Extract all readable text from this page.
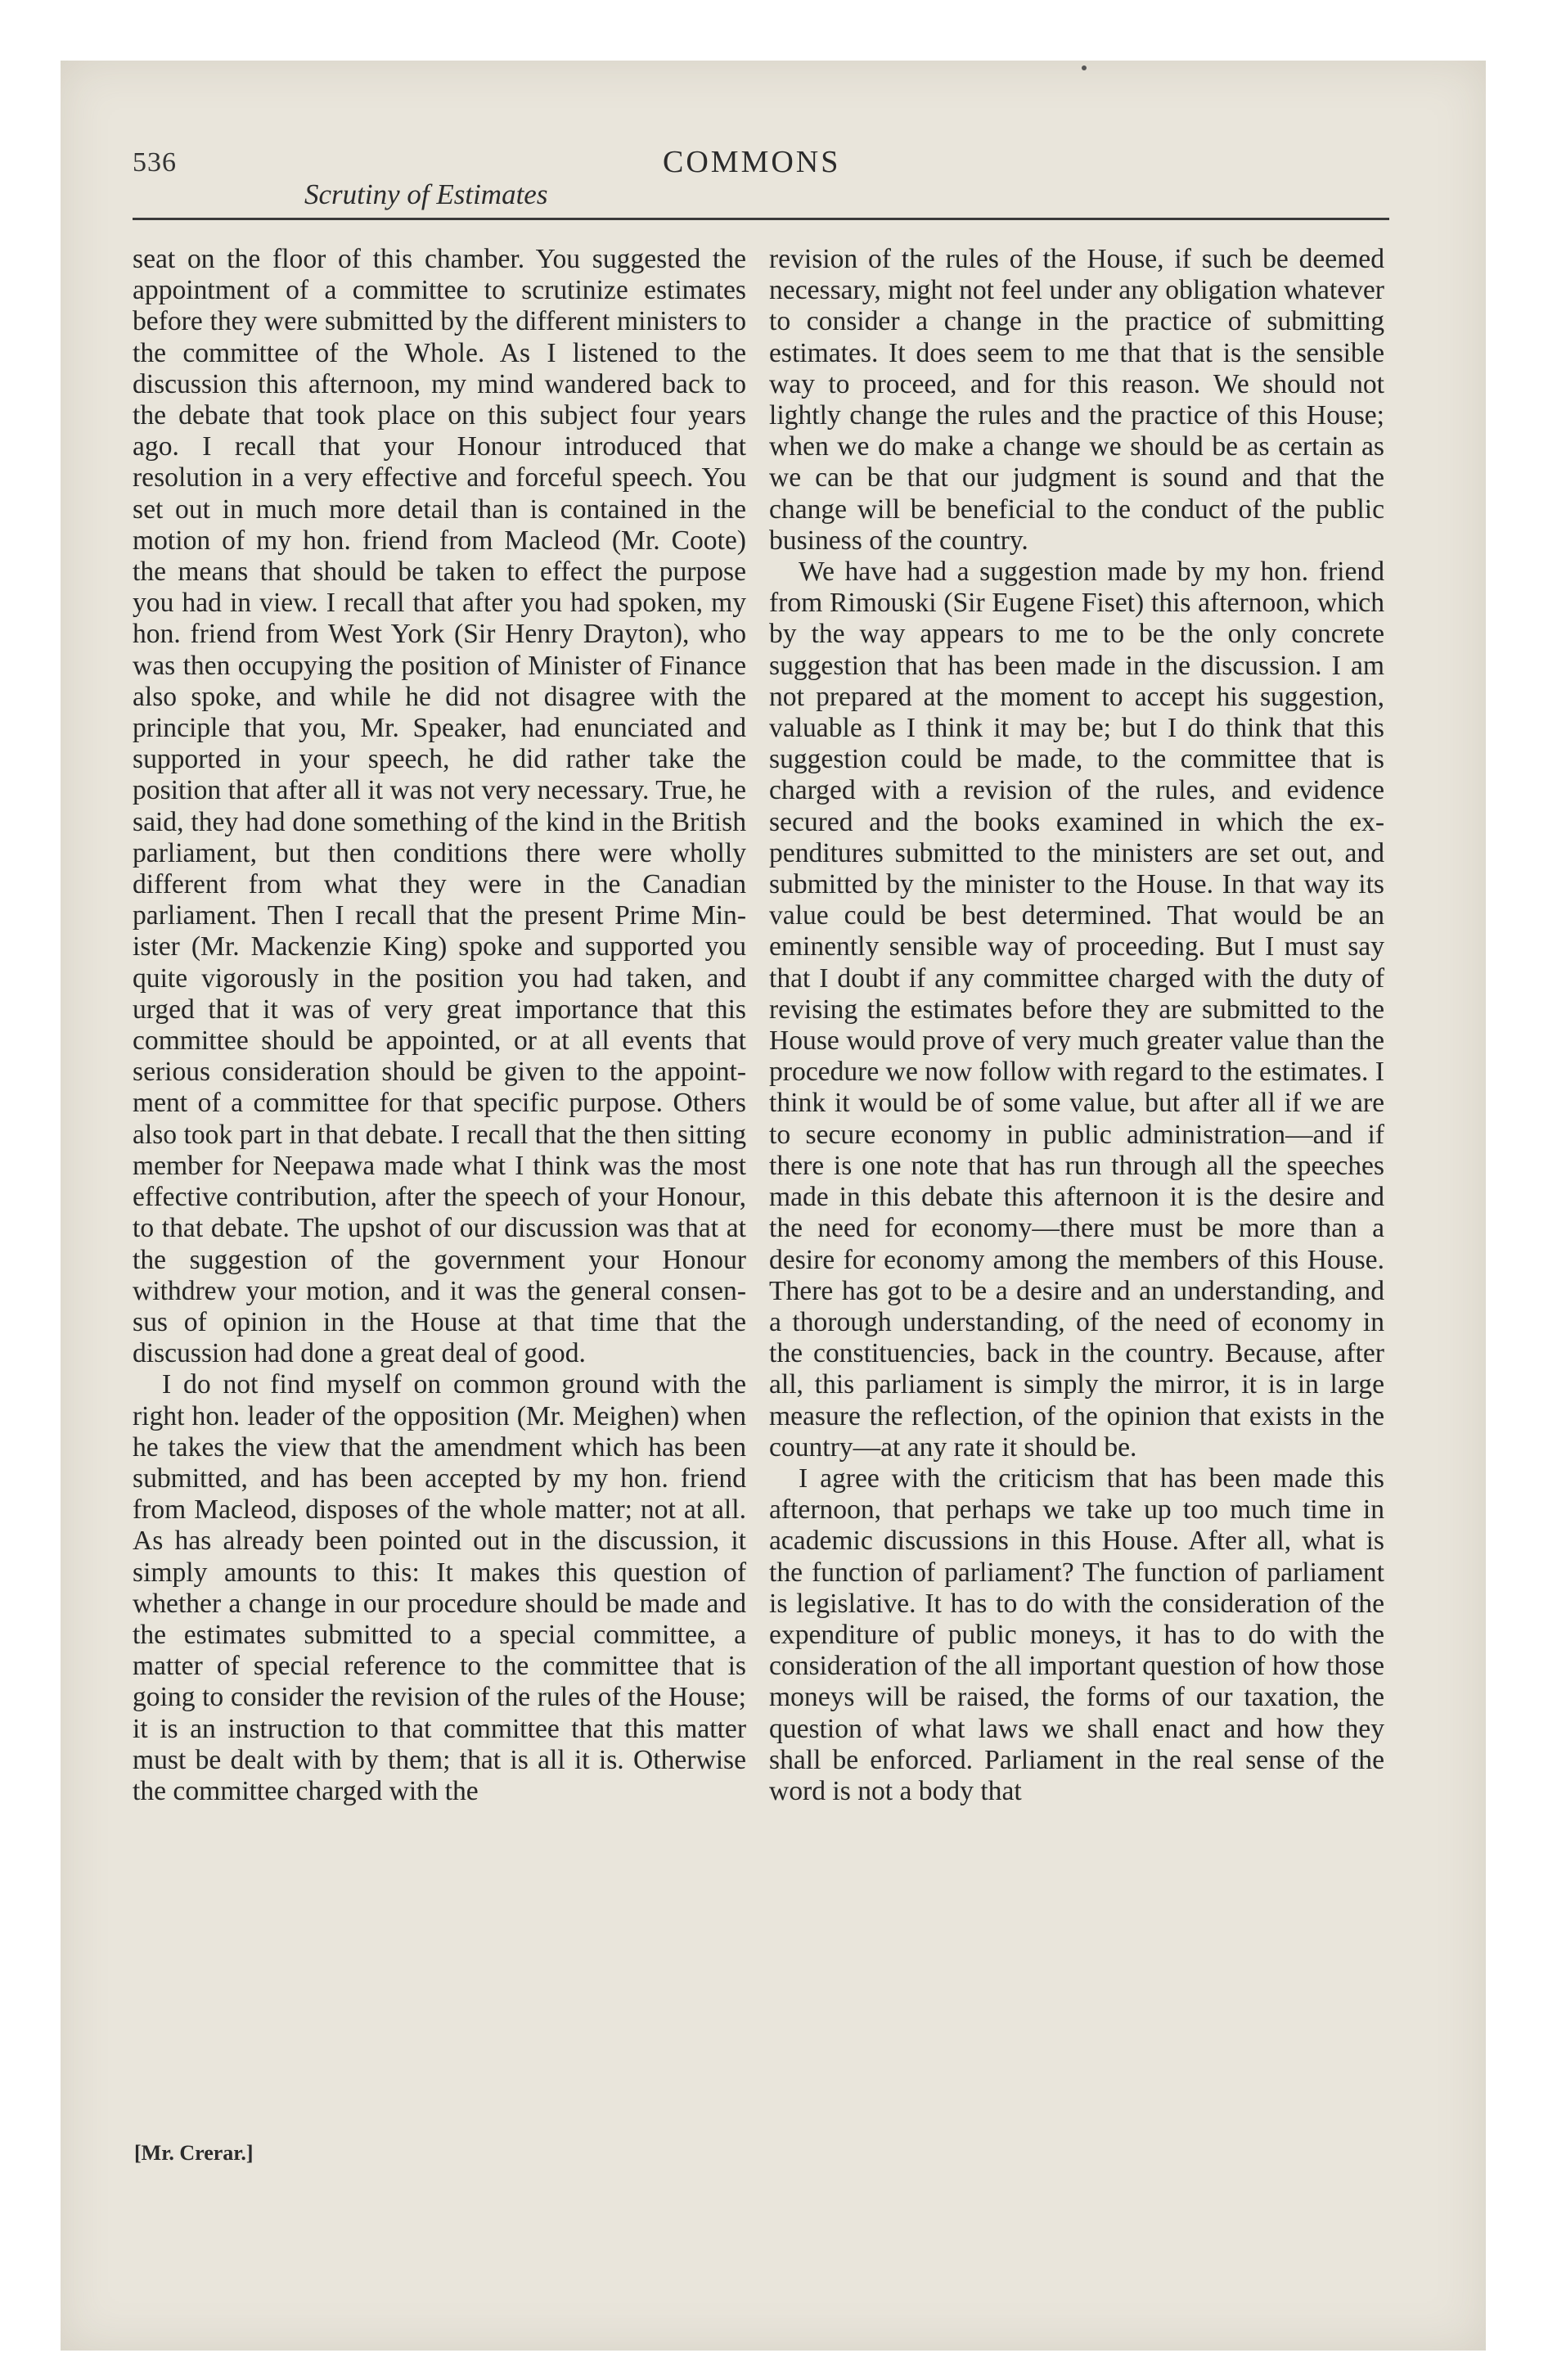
536	COMMONS
Scrutiny of Estimates

seat on the floor of this chamber. You suggested the appointment of a committee to scrutinize estimates before they were submitted by the different ministers to the committee of the Whole. As I listened to the discussion this afternoon, my mind wandered back to the debate that took place on this subject four years ago. I recall that your Honour introduced that resolution in a very effective and forceful speech. You set out in much more detail than is contained in the motion of my hon. friend from Macleod (Mr. Coote) the means that should be taken to effect the purpose you had in view. I recall that after you had spoken, my hon. friend from West York (Sir Henry Drayton), who was then occupying the position of Minister of Finance also spoke, and while he did not disagree with the principle that you, Mr. Speaker, had enunciated and supported in your speech, he did rather take the position that after all it was not very necessary. True, he said, they had done something of the kind in the British parliament, but then conditions there were wholly different from what they were in the Canadian parliament. Then I recall that the present Prime Minister (Mr. Mackenzie King) spoke and supported you quite vigorously in the position you had taken, and urged that it was of very great importance that this committee should be appointed, or at all events that serious consideration should be given to the appointment of a committee for that specific purpose. Others also took part in that debate. I recall that the then sitting member for Neepawa made what I think was the most effective contribution, after the speech of your Honour, to that debate. The upshot of our discussion was that at the suggestion of the government your Honour withdrew your motion, and it was the general consensus of opinion in the House at that time that the discussion had done a great deal of good.

I do not find myself on common ground with the right hon. leader of the opposition (Mr. Meighen) when he takes the view that the amendment which has been submitted, and has been accepted by my hon. friend from Macleod, disposes of the whole matter; not at all. As has already been pointed out in the discussion, it simply amounts to this: It makes this question of whether a change in our procedure should be made and the estimates submitted to a special committee, a matter of special reference to the committee that is going to consider the revision of the rules of the House; it is an instruction to that committee that this matter must be dealt with by them; that is all it is. Otherwise the committee charged with the

[Mr. Crerar.]

revision of the rules of the House, if such be deemed necessary, might not feel under any obligation whatever to consider a change in the practice of submitting estimates. It does seem to me that that is the sensible way to proceed, and for this reason. We should not lightly change the rules and the practice of this House; when we do make a change we should be as certain as we can be that our judgment is sound and that the change will be beneficial to the conduct of the public business of the country.

We have had a suggestion made by my hon. friend from Rimouski (Sir Eugene Fiset) this afternoon, which by the way appears to me to be the only concrete suggestion that has been made in the discussion. I am not prepared at the moment to accept his suggestion, valuable as I think it may be; but I do think that this suggestion could be made, to the committee that is charged with a revision of the rules, and evidence secured and the books examined in which the expenditures submitted to the ministers are set out, and submitted by the minister to the House. In that way its value could be best determined. That would be an eminently sensible way of proceeding. But I must say that I doubt if any committee charged with the duty of revising the estimates before they are submitted to the House would prove of very much greater value than the procedure we now follow with regard to the estimates. I think it would be of some value, but after all if we are to secure economy in public administration—and if there is one note that has run through all the speeches made in this debate this afternoon it is the desire and the need for economy—there must be more than a desire for economy among the members of this House. There has got to be a desire and an understanding, and a thorough understanding, of the need of economy in the constituencies, back in the country. Because, after all, this parliament is simply the mirror, it is in large measure the reflection, of the opinion that exists in the country—at any rate it should be.

I agree with the criticism that has been made this afternoon, that perhaps we take up too much time in academic discussions in this House. After all, what is the function of parliament? The function of parliament is legislative. It has to do with the consideration of the expenditure of public moneys, it has to do with the consideration of the all important question of how those moneys will be raised, the forms of our taxation, the question of what laws we shall enact and how they shall be enforced. Parliament in the real sense of the word is not a body that
